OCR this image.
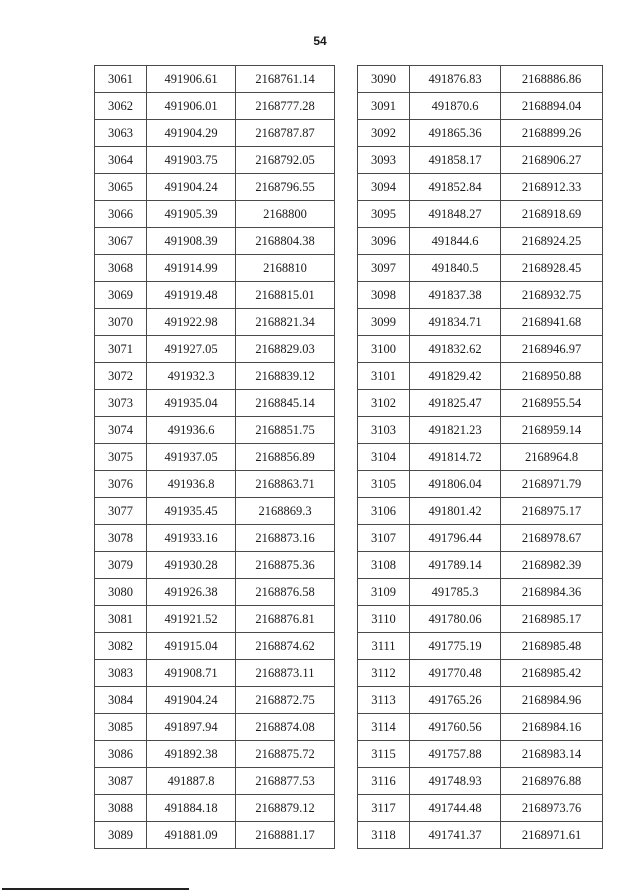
54
3061	491906.61	2168761.14
3062	491906.01	2168777.28
3063	491904.29	2168787.87
3064	491903.75	2168792.05
3065	491904.24	2168796.55
3066	491905.39	2168800
3067	491908.39	2168804.38
3068	491914.99	2168810
3069	491919.48	2168815.01
3070	491922.98	2168821.34
3071	491927.05	2168829.03
3072	491932.3	2168839.12
3073	491935.04	2168845.14
3074	491936.6	2168851.75
3075	491937.05	2168856.89
3076	491936.8	2168863.71
3077	491935.45	2168869.3
3078	491933.16	2168873.16
3079	491930.28	2168875.36
3080	491926.38	2168876.58
3081	491921.52	2168876.81
3082	491915.04	2168874.62
3083	491908.71	2168873.11
3084	491904.24	2168872.75
3085	491897.94	2168874.08
3086	491892.38	2168875.72
3087	491887.8	2168877.53
3088	491884.18	2168879.12
3089	491881.09	2168881.17
3090	491876.83	2168886.86
3091	491870.6	2168894.04
3092	491865.36	2168899.26
3093	491858.17	2168906.27
3094	491852.84	2168912.33
3095	491848.27	2168918.69
3096	491844.6	2168924.25
3097	491840.5	2168928.45
3098	491837.38	2168932.75
3099	491834.71	2168941.68
3100	491832.62	2168946.97
3101	491829.42	2168950.88
3102	491825.47	2168955.54
3103	491821.23	2168959.14
3104	491814.72	2168964.8
3105	491806.04	2168971.79
3106	491801.42	2168975.17
3107	491796.44	2168978.67
3108	491789.14	2168982.39
3109	491785.3	2168984.36
3110	491780.06	2168985.17
3111	491775.19	2168985.48
3112	491770.48	2168985.42
3113	491765.26	2168984.96
3114	491760.56	2168984.16
3115	491757.88	2168983.14
3116	491748.93	2168976.88
3117	491744.48	2168973.76
3118	491741.37	2168971.61
